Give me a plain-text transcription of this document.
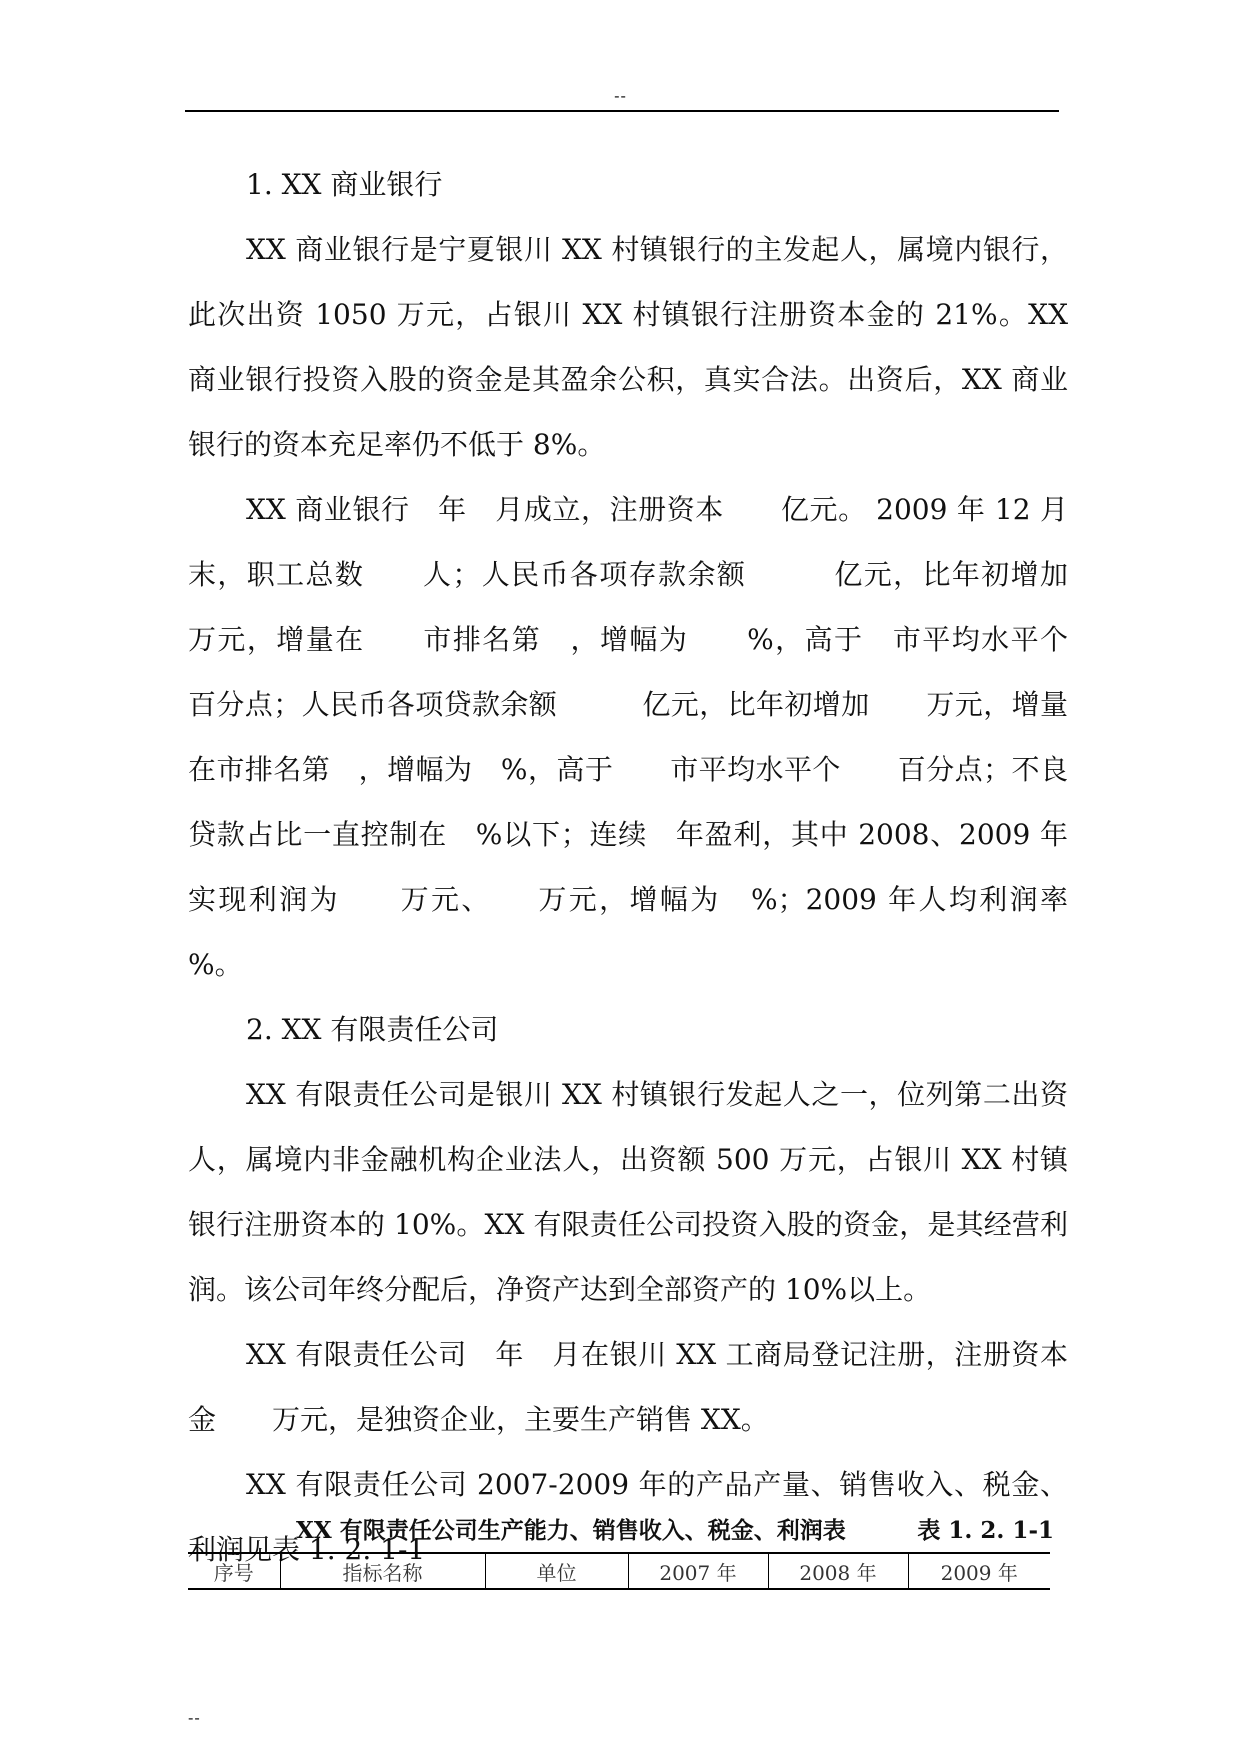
--

1. XX 商业银行

XX 商业银行是宁夏银川 XX 村镇银行的主发起人，属境内银行，此次出资 1050 万元，占银川 XX 村镇银行注册资本金的 21%。XX 商业银行投资入股的资金是其盈余公积，真实合法。出资后，XX 商业银行的资本充足率仍不低于 8%。

XX 商业银行　年　月成立，注册资本　　亿元。 2009 年 12 月末，职工总数　　人；人民币各项存款余额　　　亿元，比年初增加　　　万元，增量在　　市排名第　，增幅为　　%，高于　市平均水平个　　百分点；人民币各项贷款余额　　　亿元，比年初增加　　万元，增量在市排名第　，增幅为　%，高于　　市平均水平个　　百分点；不良贷款占比一直控制在　%以下；连续　年盈利，其中 2008、2009 年实现利润为　　万元、　　万元，增幅为　%；2009 年人均利润率　%。

2. XX 有限责任公司

XX 有限责任公司是银川 XX 村镇银行发起人之一，位列第二出资人，属境内非金融机构企业法人，出资额 500 万元，占银川 XX 村镇银行注册资本的 10%。XX 有限责任公司投资入股的资金，是其经营利润。该公司年终分配后，净资产达到全部资产的 10%以上。

XX 有限责任公司　年　月在银川 XX 工商局登记注册，注册资本金　　万元，是独资企业，主要生产销售 XX。

XX 有限责任公司 2007-2009 年的产品产量、销售收入、税金、利润见表 1. 2. 1-1

XX 有限责任公司生产能力、销售收入、税金、利润表	表 1. 2. 1-1
序号	指标名称	单位	2007 年	2008 年	2009 年
--
